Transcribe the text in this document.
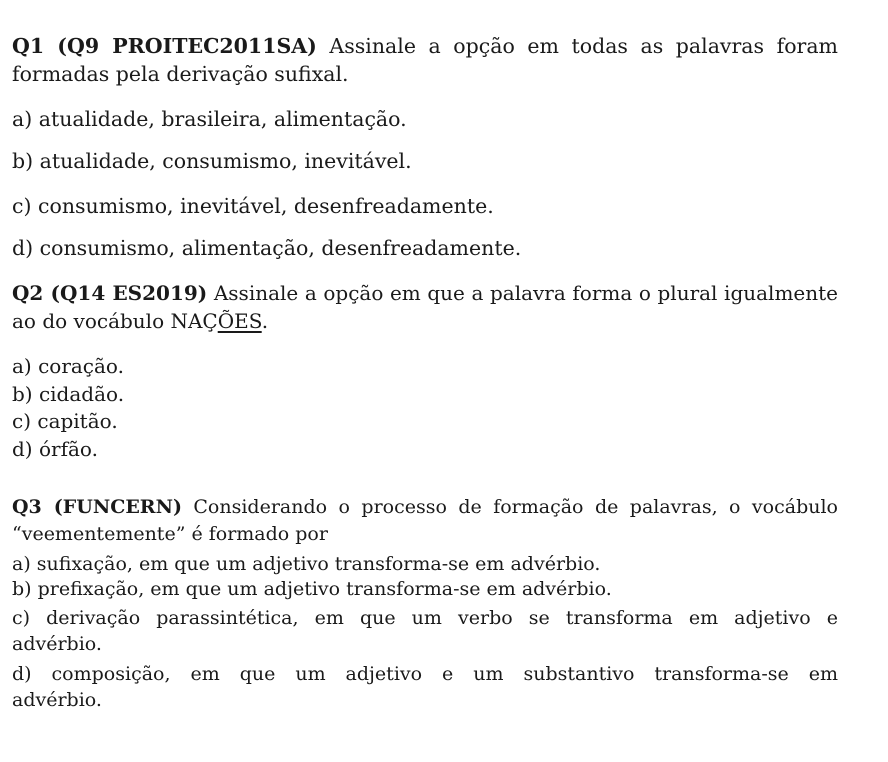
Q1 (Q9 PROITEC2011SA) Assinale a opção em todas as palavras foram
formadas pela derivação sufixal.
a) atualidade, brasileira, alimentação.
b) atualidade, consumismo, inevitável.
c) consumismo, inevitável, desenfreadamente.
d) consumismo, alimentação, desenfreadamente.
Q2 (Q14 ES2019) Assinale a opção em que a palavra forma o plural igualmente
ao do vocábulo NAÇÕES.
a) coração.
b) cidadão.
c) capitão.
d) órfão.
Q3 (FUNCERN) Considerando o processo de formação de palavras, o vocábulo
“veementemente” é formado por
a) sufixação, em que um adjetivo transforma-se em advérbio.
b) prefixação, em que um adjetivo transforma-se em advérbio.
c) derivação parassintética, em que um verbo se transforma em adjetivo e
advérbio.
d) composição, em que um adjetivo e um substantivo transforma-se em
advérbio.
